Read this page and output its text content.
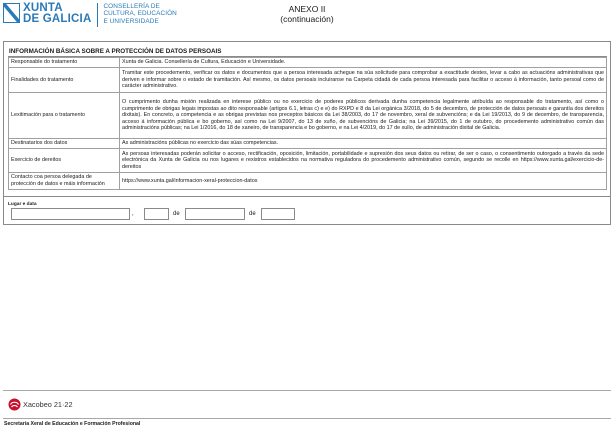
XUNTA
DE GALICIA
CONSELLERÍA DE
CULTURA, EDUCACIÓN
E UNIVERSIDADE
ANEXO II
(continuación)
INFORMACIÓN BÁSICA SOBRE A PROTECCIÓN DE DATOS PERSOAIS
Responsable do tratamento	Xunta de Galicia. Consellería de Cultura, Educación e Universidade.
Finalidades do tratamento	Tramitar este procedemento, verificar os datos e documentos que a persoa interesada achegue na súa solicitude para comprobar a exactitude destes, levar a cabo as actuacións administrativas que deriven e informar sobre o estado de tramitación. Así mesmo, os datos persoais incluiranse na Carpeta cidadá de cada persoa interesada para facilitar o acceso á información, tanto persoal como de carácter administrativo.
Lexitimación para o tratamento	O cumprimento dunha misión realizada en interese público ou no exercicio de poderes públicos derivada dunha competencia legalmente atribuída ao responsable do tratamento, así como o cumprimento de obrigas legais impostas ao dito responsable (artigos 6.1, letras c) e e) do RXPD e 8 da Lei orgánica 3/2018, do 5 de decembro, de protección de datos persoais e garantía dos dereitos dixitais). En concreto, a competencia e as obrigas previstas nos preceptos básicos da Lei 38/2003, do 17 de novembro, xeral de subvencións; e da Lei 19/2013, do 9 de decembro, de transparencia, acceso á información pública e bo goberno, así como na Lei 9/2007, do 13 de xuño, de subvencións de Galicia; na Lei 39/2015, do 1 de outubro, do procedemento administrativo común das administracións públicas; na Lei 1/2016, do 18 de xaneiro, de transparencia e bo goberno, e na Lei 4/2019, do 17 de xullo, de administración dixital de Galicia.
Destinatarios dos datos	As administracións públicas no exercicio das súas competencias.
Exercicio de dereitos	As persoas interesadas poderán solicitar o acceso, rectificación, oposición, limitación, portabilidade e supresión dos seus datos ou retirar, de ser o caso, o consentimento outorgado a través da sede electrónica da Xunta de Galicia ou nos lugares e rexistros establecidos na normativa reguladora do procedemento administrativo común, segundo se recolle en https://www.xunta.gal/exercicio-de-dereitos
Contacto coa persoa delegada de protección de datos e máis información	https://www.xunta.gal/informacion-xeral-proteccion-datos
Lugar e data
,	de	de
Xacobeo 21·22
Secretaría Xeral de Educación e Formación Profesional
